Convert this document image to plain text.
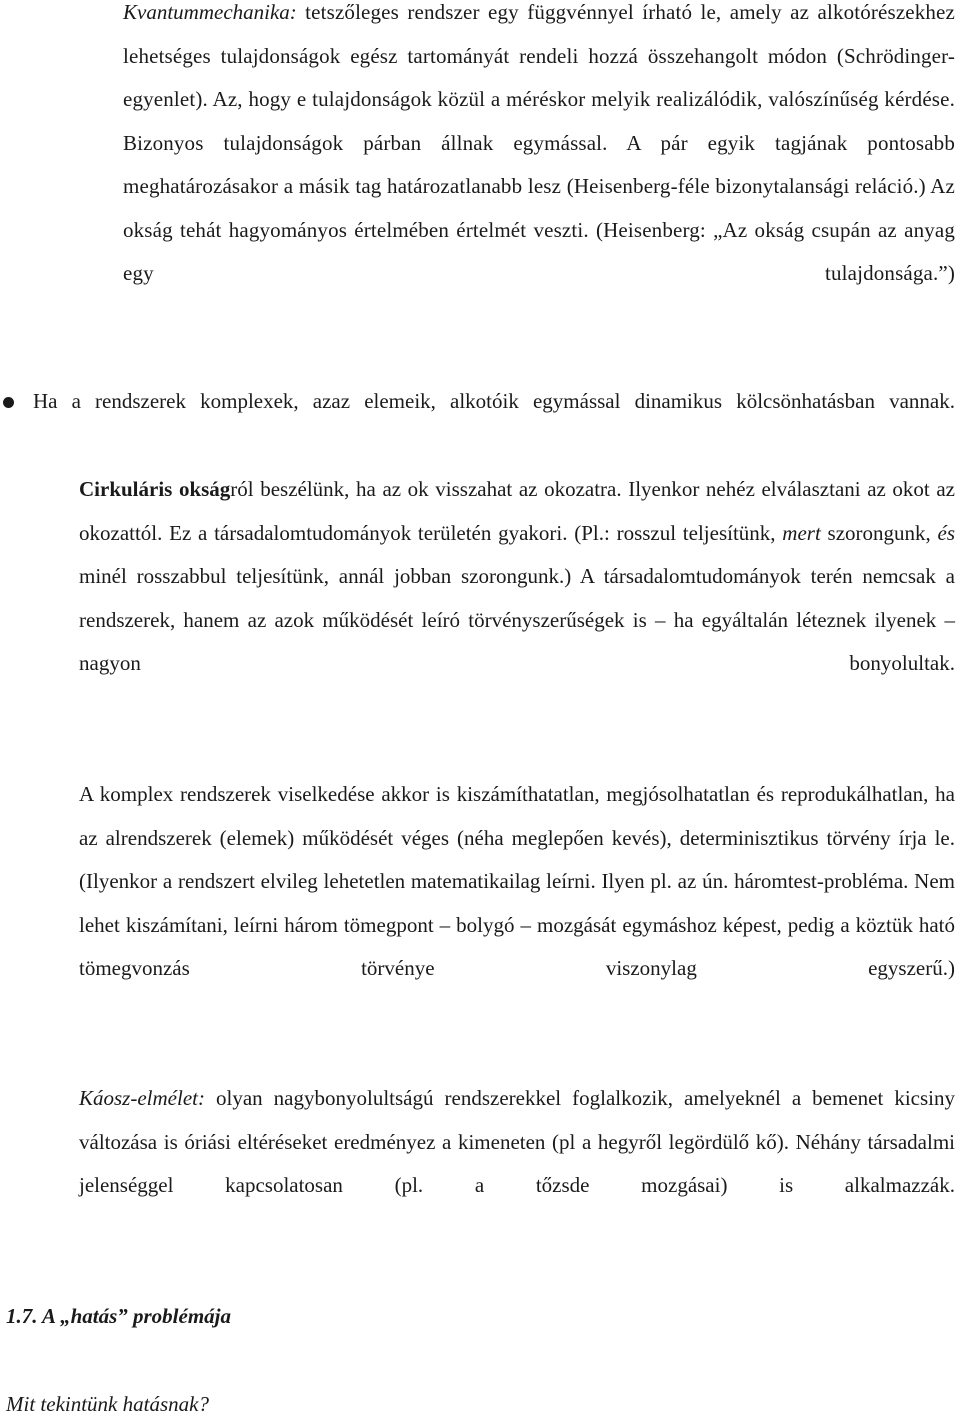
Kvantummechanika: tetszőleges rendszer egy függvénnyel írható le, amely az alkotórészekhez lehetséges tulajdonságok egész tartományát rendeli hozzá összehangolt módon (Schrödinger-egyenlet). Az, hogy e tulajdonságok közül a méréskor melyik realizálódik, valószínűség kérdése. Bizonyos tulajdonságok párban állnak egymással. A pár egyik tagjának pontosabb meghatározásakor a másik tag határozatlanabb lesz (Heisenberg-féle bizonytalansági reláció.) Az okság tehát hagyományos értelmében értelmét veszti. (Heisenberg: „Az okság csupán az anyag egy tulajdonsága.”)
Ha a rendszerek komplexek, azaz elemeik, alkotóik egymással dinamikus kölcsönhatásban vannak.
Cirkuláris okságról beszélünk, ha az ok visszahat az okozatra. Ilyenkor nehéz elválasztani az okot az okozattól. Ez a társadalomtudományok területén gyakori. (Pl.: rosszul teljesítünk, mert szorongunk, és minél rosszabbul teljesítünk, annál jobban szorongunk.) A társadalomtudományok terén nemcsak a rendszerek, hanem az azok működését leíró törvényszerűségek is – ha egyáltalán léteznek ilyenek – nagyon bonyolultak.
A komplex rendszerek viselkedése akkor is kiszámíthatatlan, megjósolhatatlan és reprodukálhatlan, ha az alrendszerek (elemek) működését véges (néha meglepően kevés), determinisztikus törvény írja le. (Ilyenkor a rendszert elvileg lehetetlen matematikailag leírni. Ilyen pl. az ún. háromtest-probléma. Nem lehet kiszámítani, leírni három tömegpont – bolygó – mozgását egymáshoz képest, pedig a köztük ható tömegvonzás törvénye viszonylag egyszerű.)
Káosz-elmélet: olyan nagybonyolultságú rendszerekkel foglalkozik, amelyeknél a bemenet kicsiny változása is óriási eltéréseket eredményez a kimeneten (pl a hegyről legördülő kő). Néhány társadalmi jelenséggel kapcsolatosan (pl. a tőzsde mozgásai) is alkalmazzák.
1.7. A „hatás” problémája
Mit tekintünk hatásnak?
